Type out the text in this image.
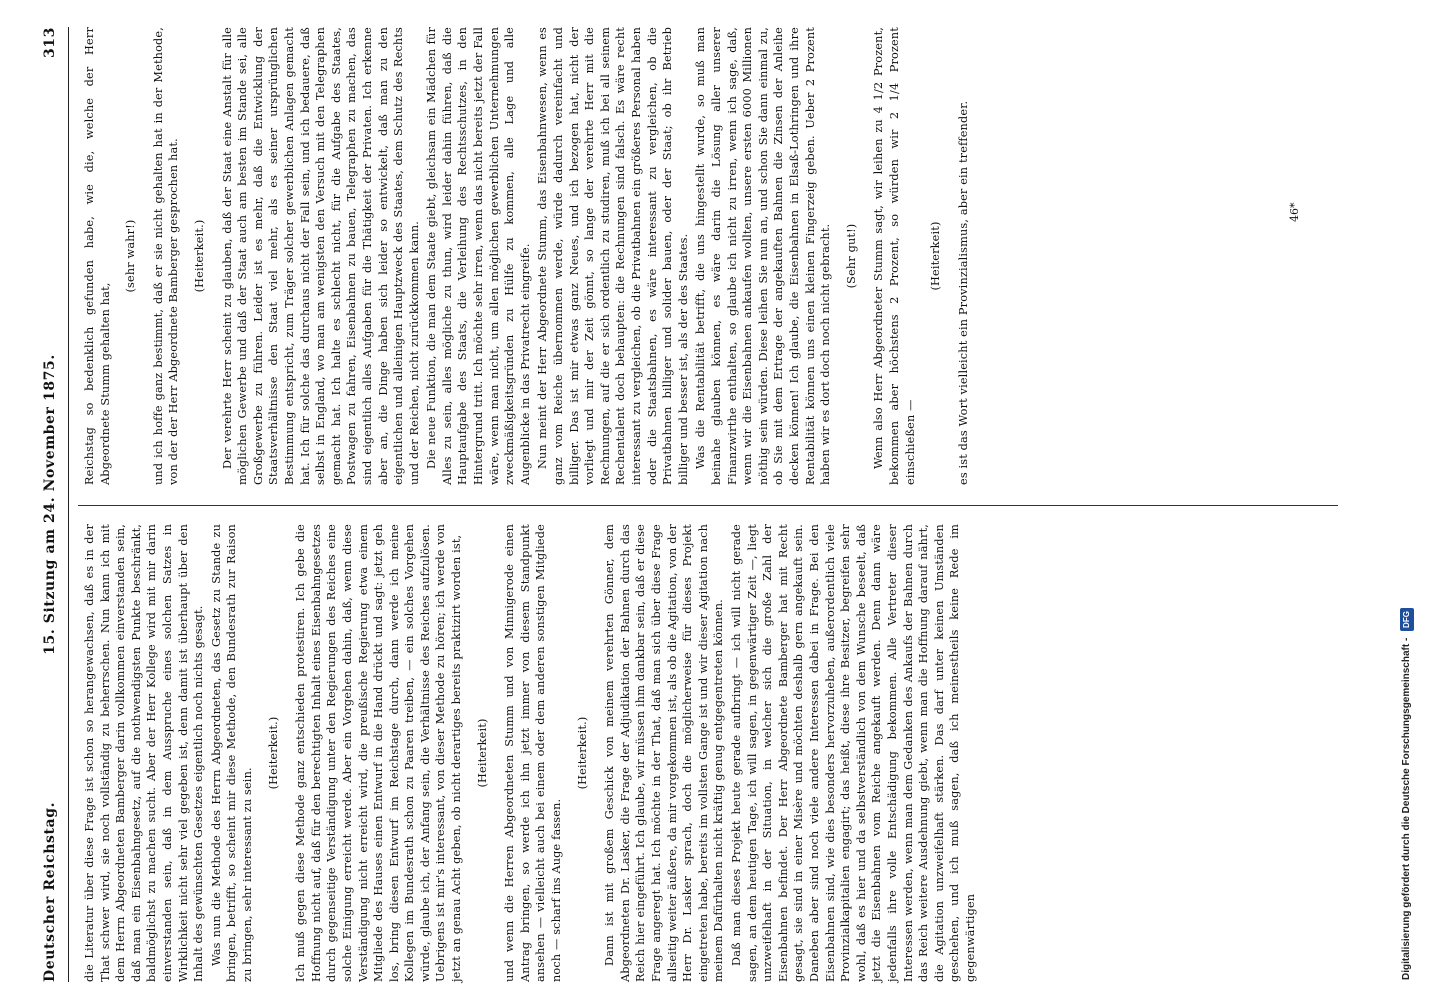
Deutscher Reichstag.
15. Sitzung am 24. November 1875.
313
die Literatur über diese Frage ist schon so herangewachsen, daß es in der That schwer wird, sie noch vollständig zu beherrschen. Nun kann ich mit dem Herrn Abgeordneten Bamberger darin vollkommen einverstanden sein, daß man ein Eisenbahngesetz, auf die nothwendigsten Punkte beschränkt, baldmöglichst zu machen sucht. Aber der Herr Kollege wird mit mir darin einverstanden sein, daß in dem Ausspruche eines solchen Satzes in Wirklichkeit nicht sehr viel gegeben ist, denn damit ist überhaupt über den Inhalt des gewünschten Gesetzes eigentlich noch nichts gesagt. Was nun die Methode des Herrn Abgeordneten, das Gesetz zu Stande zu bringen, betrifft, so scheint mir diese Methode, den Bundesrath zur Raison zu bringen, sehr interessant zu sein.
(Heiterkeit.) Ich muß gegen diese Methode ganz entschieden protestiren. Ich gebe die Hoffnung nicht auf, daß für den berechtigten Inhalt eines Eisenbahngesetzes durch gegenseitige Verständigung unter den Regierungen des Reiches eine solche Einigung erreicht werde. Aber ein Vorgehen dahin, daß, wenn diese Verständigung nicht erreicht wird, die preußische Regierung etwa einem Mitgliede des Hauses einen Entwurf in die Hand drückt und sagt: jetzt geh los, bring diesen Entwurf im Reichstage durch, dann werde ich meine Kollegen im Bundesrath schon zu Paaren treiben, — ein solches Vorgehen würde, glaube ich, der Anfang sein, die Verhältnisse des Reiches aufzulösen. Uebrigens ist mir's interessant, von dieser Methode zu hören; ich werde von jetzt an genau Acht geben, ob nicht derartiges bereits praktizirt worden ist, (Heiterkeit) und wenn die Herren Abgeordneten Stumm und von Minnigerode einen Antrag bringen, so werde ich ihn jetzt immer von diesem Standpunkt ansehen — vielleicht auch bei einem oder dem anderen sonstigen Mitgliede noch — scharf ins Auge fassen.
(Heiterkeit.) Dann ist mit großem Geschick von meinem verehrten Gönner, dem Abgeordneten Dr. Lasker, die Frage der Adjudikation der Bahnen durch das Reich hier eingeführt. Ich glaube, wir müssen ihm dankbar sein, daß er diese Frage angeregt hat. Ich möchte in der That, daß man sich über diese Frage allseitig weiter äußere, da mir vorgekommen ist, als ob die Agitation, von der Herr Dr. Lasker sprach, doch die möglicherweise für dieses Projekt eingetreten habe, bereits im vollsten Gange ist und wir dieser Agitation nach meinem Dafürhalten nicht kräftig genug entgegentreten können. Daß man dieses Projekt heute gerade aufbringt — ich will nicht gerade sagen, an dem heutigen Tage, ich will sagen, in gegenwärtiger Zeit —, liegt unzweifelhaft in der Situation, in welcher sich die große Zahl der Eisenbahnen befindet. Der Herr Abgeordnete Bamberger hat mit Recht gesagt, sie sind in einer Misère und möchten deshalb gern angekauft sein. Daneben aber sind noch viele andere Interessen dabei in Frage. Bei den Eisenbahnen sind, wie dies besonders hervorzuheben, außerordentlich viele Provinzialkapitalien engagirt; das heißt, diese ihre Besitzer, begreifen sehr wohl, daß es hier und da selbstverständlich von dem Wunsche beseelt, daß jetzt die Eisenbahnen vom Reiche angekauft werden. Denn dann wäre jedenfalls ihre volle Entschädigung bekommen. Alle Vertreter dieser Interessen werden, wenn man dem Gedanken des Ankaufs der Bahnen durch das Reich weitere Ausdehnung giebt, wenn man die Hoffnung darauf nährt, die Agitation unzweifelhaft stärken. Das darf unter keinen Umständen geschehen, und ich muß sagen, daß ich meinestheils keine Rede im gegenwärtigen
Reichstag so bedenklich gefunden habe, wie die, welche der Herr Abgeordnete Stumm gehalten hat,
(sehr wahr!) und ich hoffe ganz bestimmt, daß er sie nicht gehalten hat in der Methode, von der der Herr Abgeordnete Bamberger gesprochen hat. (Heiterkeit.) Der verehrte Herr scheint zu glauben, daß der Staat eine Anstalt für alle möglichen Gewerbe und daß der Staat auch am besten im Stande sei, alle Großgewerbe zu führen. Leider ist es mehr, daß die Entwicklung der Staatsverhältnisse den Staat viel mehr, als es seiner ursprünglichen Bestimmung entspricht, zum Träger solcher gewerblichen Anlagen gemacht hat. Ich für solche das durchaus nicht der Fall sein, und ich bedauere, daß selbst in England, wo man am wenigsten den Versuch mit den Telegraphen gemacht hat. Ich halte es schlecht nicht, für die Aufgabe des Staates, Postwagen zu fahren, Eisenbahnen zu bauen, Telegraphen zu machen, das sind eigentlich alles Aufgaben für die Thätigkeit der Privaten. Ich erkenne aber an, die Dinge haben sich leider so entwickelt, daß man zu den eigentlichen und alleinigen Hauptzweck des Staates, dem Schutz des Rechts und der Reichen, nicht zurückkommen kann. Die neue Funktion, die man dem Staate giebt, gleichsam ein Mädchen für Alles zu sein, alles mögliche zu thun, wird leider dahin führen, daß die Hauptaufgabe des Staats, die Verleihung des Rechtsschutzes, in den Hintergrund tritt. Ich möchte sehr irren, wenn das nicht bereits jetzt der Fall wäre, wenn man nicht, um allen möglichen gewerblichen Unternehmungen zweckmäßigkeitsgründen zu Hülfe zu kommen, alle Lage und alle Augenblicke in das Privatrecht eingreife. Nun meint der Herr Abgeordnete Stumm, das Eisenbahnwesen, wenn es ganz vom Reiche übernommen werde, würde dadurch vereinfacht und billiger. Das ist mir etwas ganz Neues, und ich bezogen hat, nicht der vorliegt und mir der Zeit gönnt, so lange der verehrte Herr mit die Rechnungen, auf die er sich ordentlich zu studiren, muß ich bei all seinem Rechentalent doch behaupten: die Rechnungen sind falsch. Es wäre recht interessant zu vergleichen, ob die Privatbahnen ein größeres Personal haben oder die Staatsbahnen, es wäre interessant zu vergleichen, ob die Privatbahnen billiger und solider bauen, oder der Staat; ob ihr Betrieb billiger und besser ist, als der des Staates. Was die Rentabilität betrifft, die uns hingestellt wurde, so muß man beinahe glauben können, es wäre darin die Lösung aller unserer Finanzwirthe enthalten, so glaube ich nicht zu irren, wenn ich sage, daß, wenn wir die Eisenbahnen ankaufen wollten, unsere ersten 6000 Millionen nöthig sein würden. Diese leihen Sie nun an, und schon Sie dann einmal zu, ob Sie mit dem Ertrage der angekauften Bahnen die Zinsen der Anleihe decken können! Ich glaube, die Eisenbahnen in Elsaß-Lothringen und ihre Rentabilität können uns einen kleinen Fingerzeig geben. Ueber 2 Prozent haben wir es dort doch noch nicht gebracht. (Sehr gut!) Wenn also Herr Abgeordneter Stumm sagt, wir leihen zu 4 1/2 Prozent, bekommen aber höchstens 2 Prozent, so würden wir 2 1/4 Prozent einschießen —
(Heiterkeit) es ist das Wort vielleicht ein Provinzialismus, aber ein treffender.	46*
Digitalisierung gefördert durch die Deutsche Forschungsgemeinschaft - DFG
